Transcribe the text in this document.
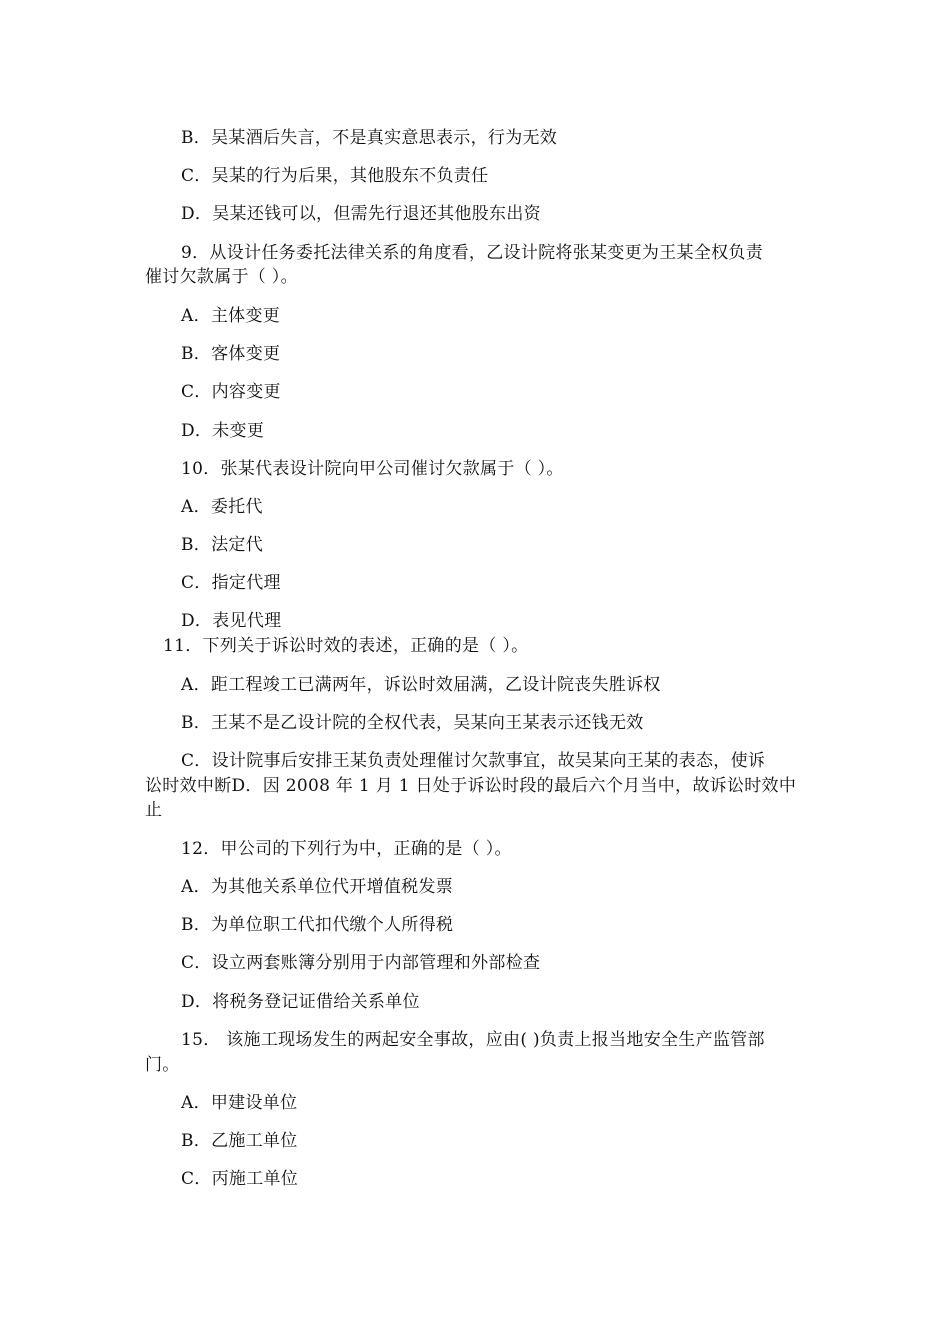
B．吴某酒后失言，不是真实意思表示，行为无效
C．吴某的行为后果，其他股东不负责任
D．吴某还钱可以，但需先行退还其他股东出资
9．从设计任务委托法律关系的角度看，乙设计院将张某变更为王某全权负责
催讨欠款属于（ ）。
A．主体变更
B．客体变更
C．内容变更
D．未变更
10．张某代表设计院向甲公司催讨欠款属于（ ）。
A．委托代
B．法定代
C．指定代理
D．表见代理
11．下列关于诉讼时效的表述，正确的是（ ）。
A．距工程竣工已满两年，诉讼时效届满，乙设计院丧失胜诉权
B．王某不是乙设计院的全权代表，吴某向王某表示还钱无效
C．设计院事后安排王某负责处理催讨欠款事宜，故吴某向王某的表态，使诉
讼时效中断D．因 2008 年 1 月 1 日处于诉讼时段的最后六个月当中，故诉讼时效中
止
12．甲公司的下列行为中，正确的是（ ）。
A．为其他关系单位代开增值税发票
B．为单位职工代扣代缴个人所得税
C．设立两套账簿分别用于内部管理和外部检查
D．将税务登记证借给关系单位
15． 该施工现场发生的两起安全事故，应由( )负责上报当地安全生产监管部
门。
A．甲建设单位
B．乙施工单位
C．丙施工单位
